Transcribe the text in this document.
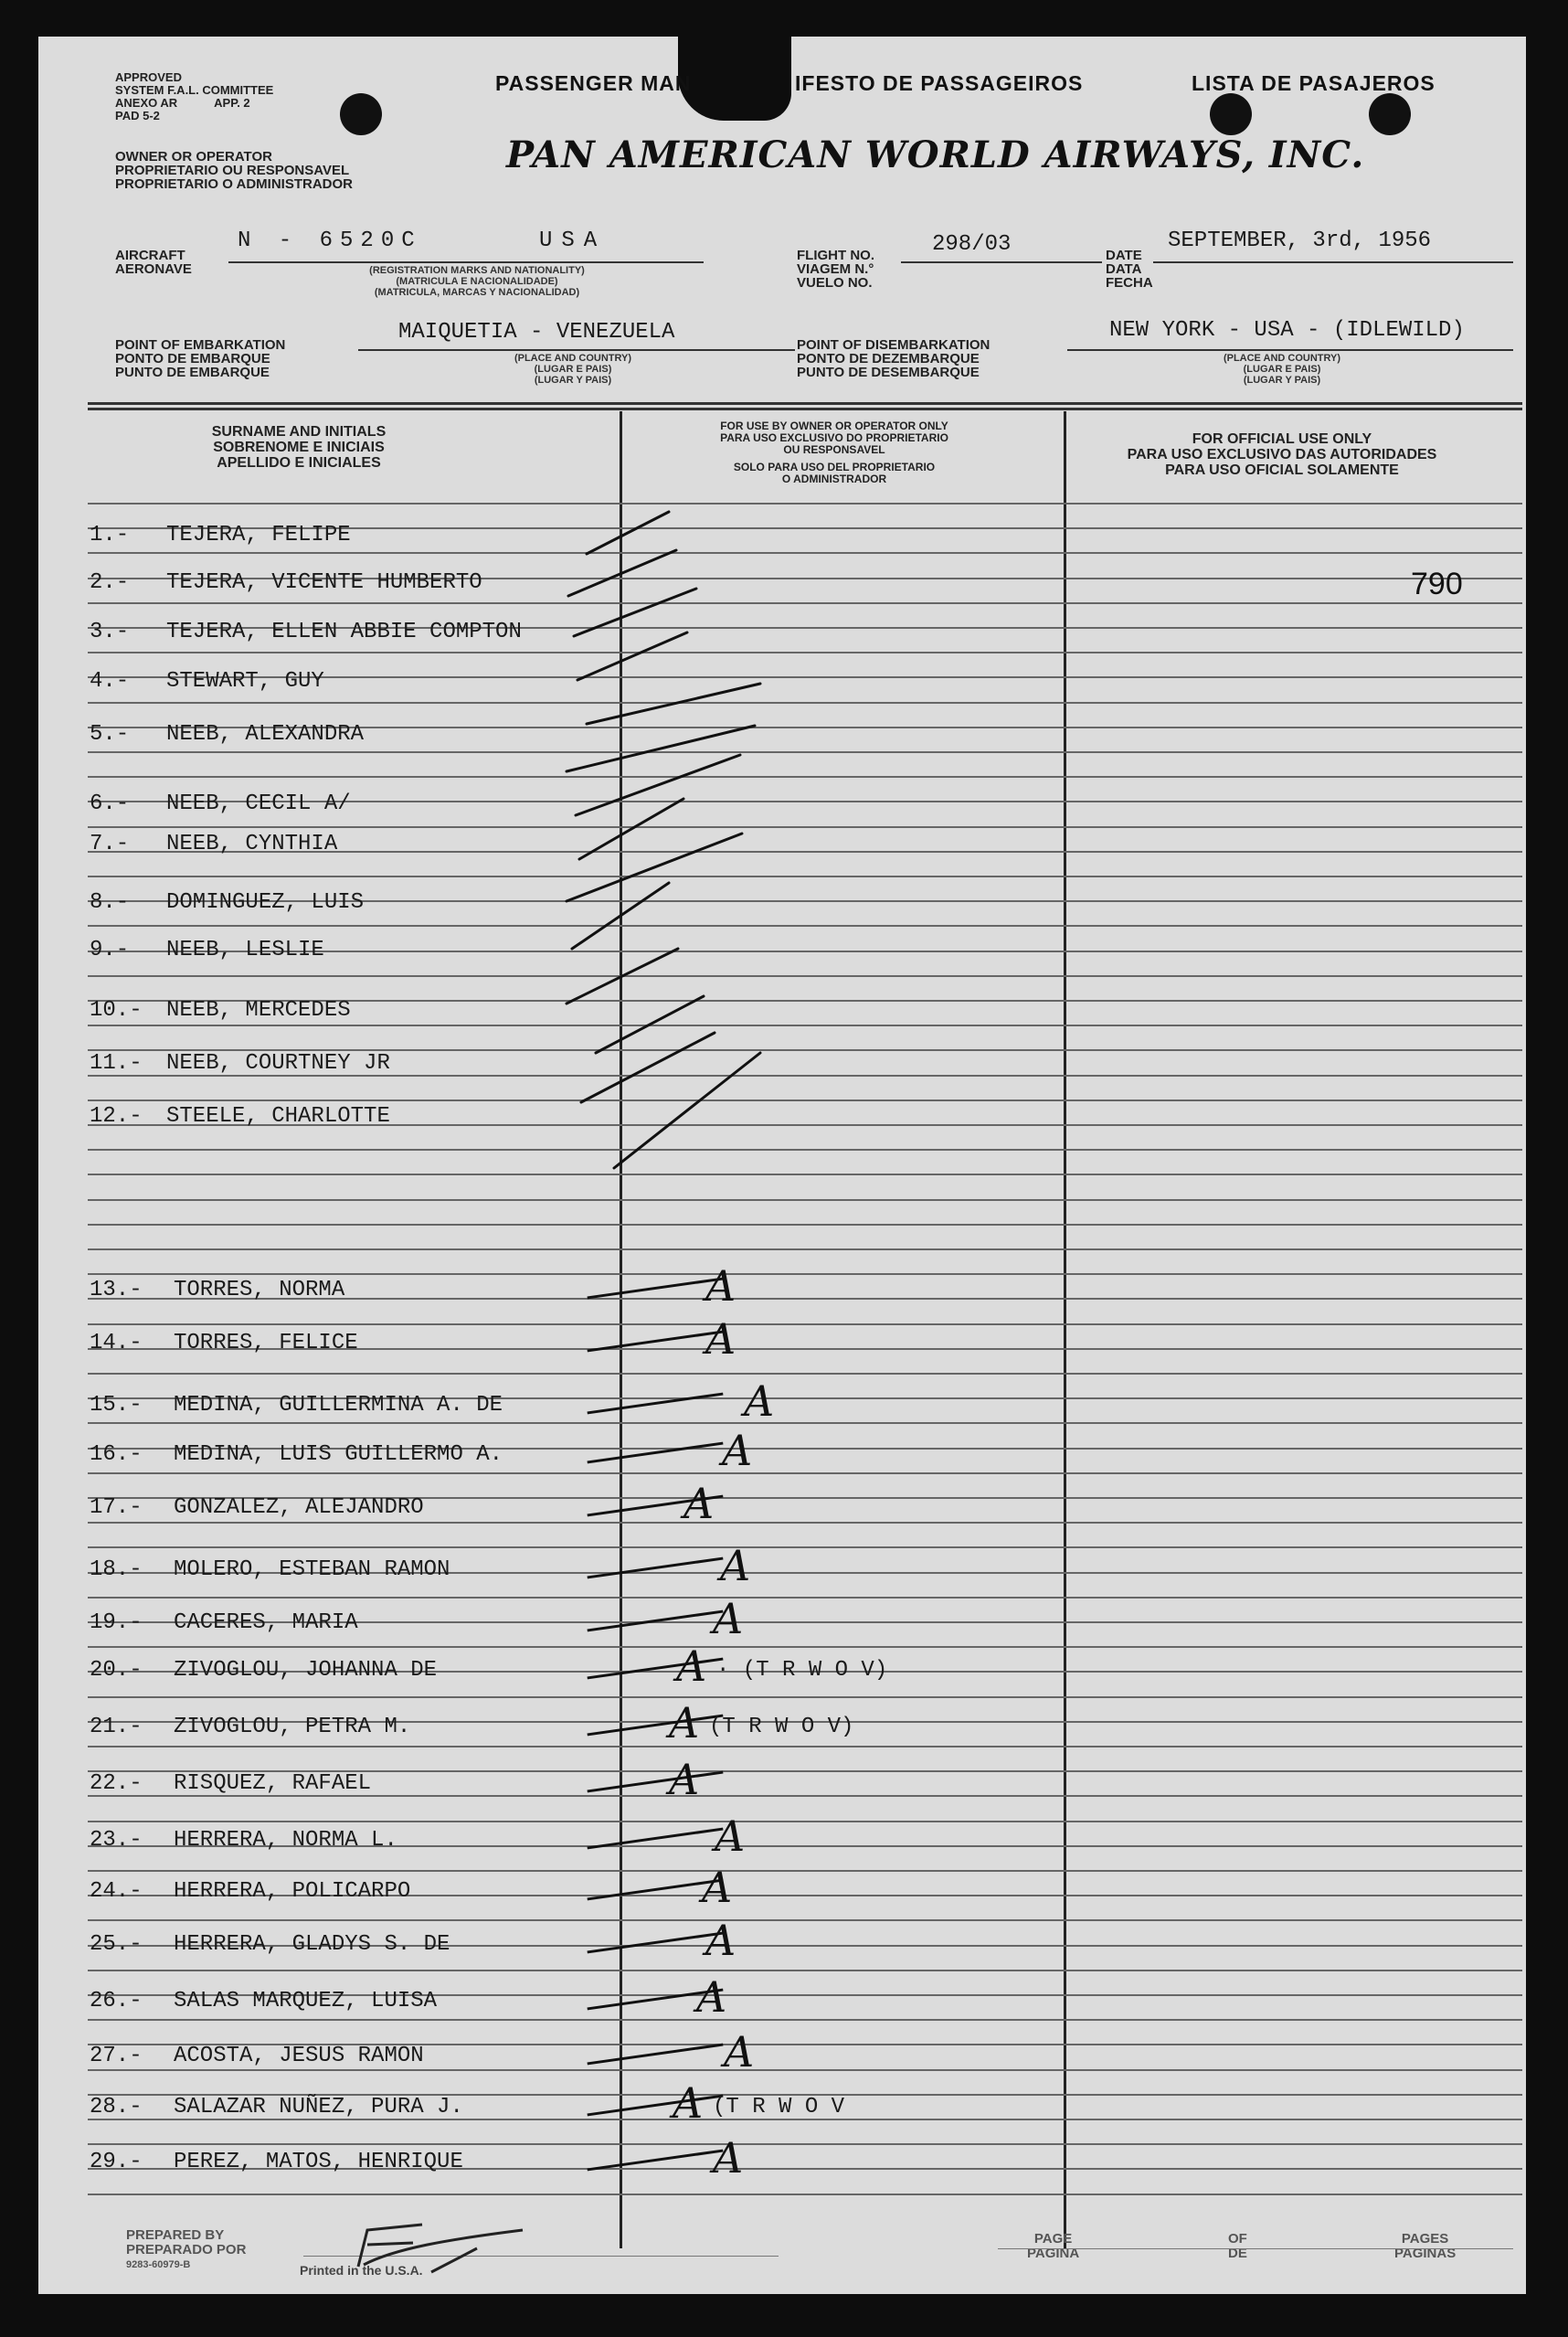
APPROVED
SYSTEM F.A.L. COMMITTEE
ANEXO AR	APP. 2
PAD 5-2
PASSENGER MAN	IFESTO DE PASSAGEIROS	LISTA DE PASAJEROS
OWNER OR OPERATOR
PROPRIETARIO OU RESPONSAVEL
PROPRIETARIO O ADMINISTRADOR
PAN AMERICAN WORLD AIRWAYS, INC.
AIRCRAFT
AERONAVE
N - 6520C	USA
(REGISTRATION MARKS AND NATIONALITY)
(MATRICULA E NACIONALIDADE)
(MATRICULA, MARCAS Y NACIONALIDAD)
FLIGHT NO.
VIAGEM N.°
VUELO NO.
298/03	DATE
DATA
FECHA
SEPTEMBER, 3rd, 1956
POINT OF EMBARKATION
PONTO DE EMBARQUE
PUNTO DE EMBARQUE
MAIQUETIA - VENEZUELA
(PLACE AND COUNTRY)
(LUGAR E PAIS)
(LUGAR Y PAIS)
POINT OF DISEMBARKATION
PONTO DE DEZEMBARQUE
PUNTO DE DESEMBARQUE
NEW YORK - USA - (IDLEWILD)
(PLACE AND COUNTRY)
(LUGAR E PAIS)
(LUGAR Y PAIS)
SURNAME AND INITIALS
SOBRENOME E INICIAIS
APELLIDO E INICIALES
FOR USE BY OWNER OR OPERATOR ONLY
PARA USO EXCLUSIVO DO PROPRIETARIO
OU RESPONSAVEL
SOLO PARA USO DEL PROPRIETARIO
O ADMINISTRADOR
FOR OFFICIAL USE ONLY
PARA USO EXCLUSIVO DAS AUTORIDADES
PARA USO OFICIAL SOLAMENTE
790
1.- TEJERA, FELIPE
2.- TEJERA, VICENTE HUMBERTO
3.- TEJERA, ELLEN ABBIE COMPTON
4.- STEWART, GUY
5.- NEEB, ALEXANDRA
6.- NEEB, CECIL A/
7.- NEEB, CYNTHIA
8.- DOMINGUEZ, LUIS
9.- NEEB, LESLIE
10.- NEEB, MERCEDES
11.- NEEB, COURTNEY JR
12.- STEELE, CHARLOTTE
13.- TORRES, NORMA	A
14.- TORRES, FELICE	A
15.- MEDINA, GUILLERMINA A. DE	A
16.- MEDINA, LUIS GUILLERMO A.	A
17.- GONZALEZ, ALEJANDRO	A
18.- MOLERO, ESTEBAN RAMON	A
19.- CACERES, MARIA	A
20.- ZIVOGLOU, JOHANNA DE	A · (T R W O V)
21.- ZIVOGLOU, PETRA M.	A (T R W O V)
22.- RISQUEZ, RAFAEL	A
23.- HERRERA, NORMA L.	A
24.- HERRERA, POLICARPO	A
25.- HERRERA, GLADYS S. DE	A
26.- SALAS MARQUEZ, LUISA	A
27.- ACOSTA, JESUS RAMON	A
28.- SALAZAR NUÑEZ, PURA J.	A (T R W O V
29.- PEREZ, MATOS, HENRIQUE	A
PREPARED BY
PREPARADO POR
9283-60979-B	Printed in the U.S.A.
PAGE
PAGINA
OF
DE
PAGES
PAGINAS
